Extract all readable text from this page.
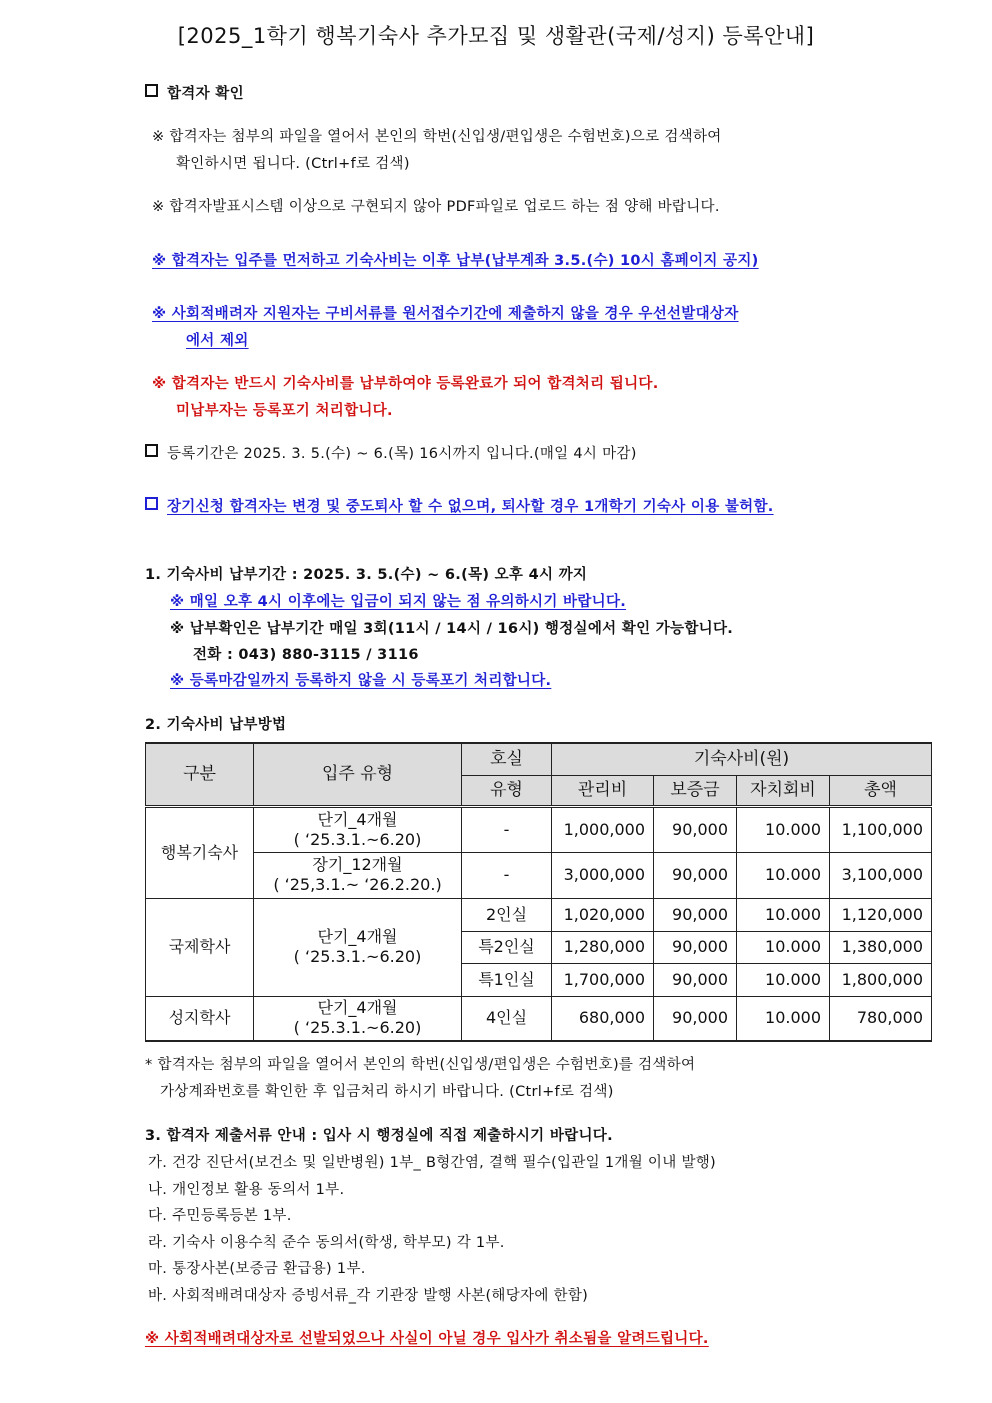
[2025_1학기 행복기숙사 추가모집 및 생활관(국제/성지) 등록안내]
합격자 확인
※ 합격자는 첨부의 파일을 열어서 본인의 학번(신입생/편입생은 수험번호)으로 검색하여
확인하시면 됩니다. (Ctrl+f로 검색)
※ 합격자발표시스템 이상으로 구현되지 않아 PDF파일로 업로드 하는 점 양해 바랍니다.
※ 합격자는 입주를 먼저하고 기숙사비는 이후 납부(납부계좌 3.5.(수) 10시 홈페이지 공지)
※ 사회적배려자 지원자는 구비서류를 원서접수기간에 제출하지 않을 경우 우선선발대상자
에서 제외
※ 합격자는 반드시 기숙사비를 납부하여야 등록완료가 되어 합격처리 됩니다.
미납부자는 등록포기 처리합니다.
등록기간은 2025. 3. 5.(수) ~ 6.(목) 16시까지 입니다.(매일 4시 마감)
장기신청 합격자는 변경 및 중도퇴사 할 수 없으며, 퇴사할 경우 1개학기 기숙사 이용 불허함.
1. 기숙사비 납부기간 : 2025. 3. 5.(수) ~ 6.(목) 오후 4시 까지
※ 매일 오후 4시 이후에는 입금이 되지 않는 점 유의하시기 바랍니다.
※ 납부확인은 납부기간 매일 3회(11시 / 14시 / 16시) 행정실에서 확인 가능합니다.
전화 : 043) 880-3115 / 3116
※ 등록마감일까지 등록하지 않을 시 등록포기 처리합니다.
2. 기숙사비 납부방법
구분	입주 유형	호실	기숙사비(원)			
		유형	관리비	보증금	자치회비	총액
행복기숙사	단기_4개월
( ‘25.3.1.~6.20)	-	1,000,000	90,000	10.000	1,100,000

	장기_12개월
( ‘25,3.1.~ ‘26.2.20.)	-	3,000,000	90,000	10.000	3,100,000
국제학사	단기_4개월
( ‘25.3.1.~6.20)	2인실	1,020,000	90,000	10.000	1,120,000
		특2인실	1,280,000	90,000	10.000	1,380,000
		특1인실	1,700,000	90,000	10.000	1,800,000
성지학사	단기_4개월
( ‘25.3.1.~6.20)	4인실	680,000	90,000	10.000	780,000
* 합격자는 첨부의 파일을 열어서 본인의 학번(신입생/편입생은 수험번호)를 검색하여
가상계좌번호를 확인한 후 입금처리 하시기 바랍니다. (Ctrl+f로 검색)
3. 합격자 제출서류 안내 : 입사 시 행정실에 직접 제출하시기 바랍니다.
가. 건강 진단서(보건소 및 일반병원) 1부_ B형간염, 결핵 필수(입관일 1개월 이내 발행)
나. 개인정보 활용 동의서 1부.
다. 주민등록등본 1부.
라. 기숙사 이용수칙 준수 동의서(학생, 학부모) 각 1부.
마. 통장사본(보증금 환급용) 1부.
바. 사회적배려대상자 증빙서류_각 기관장 발행 사본(해당자에 한함)
※ 사회적배려대상자로 선발되었으나 사실이 아닐 경우 입사가 취소됨을 알려드립니다.
